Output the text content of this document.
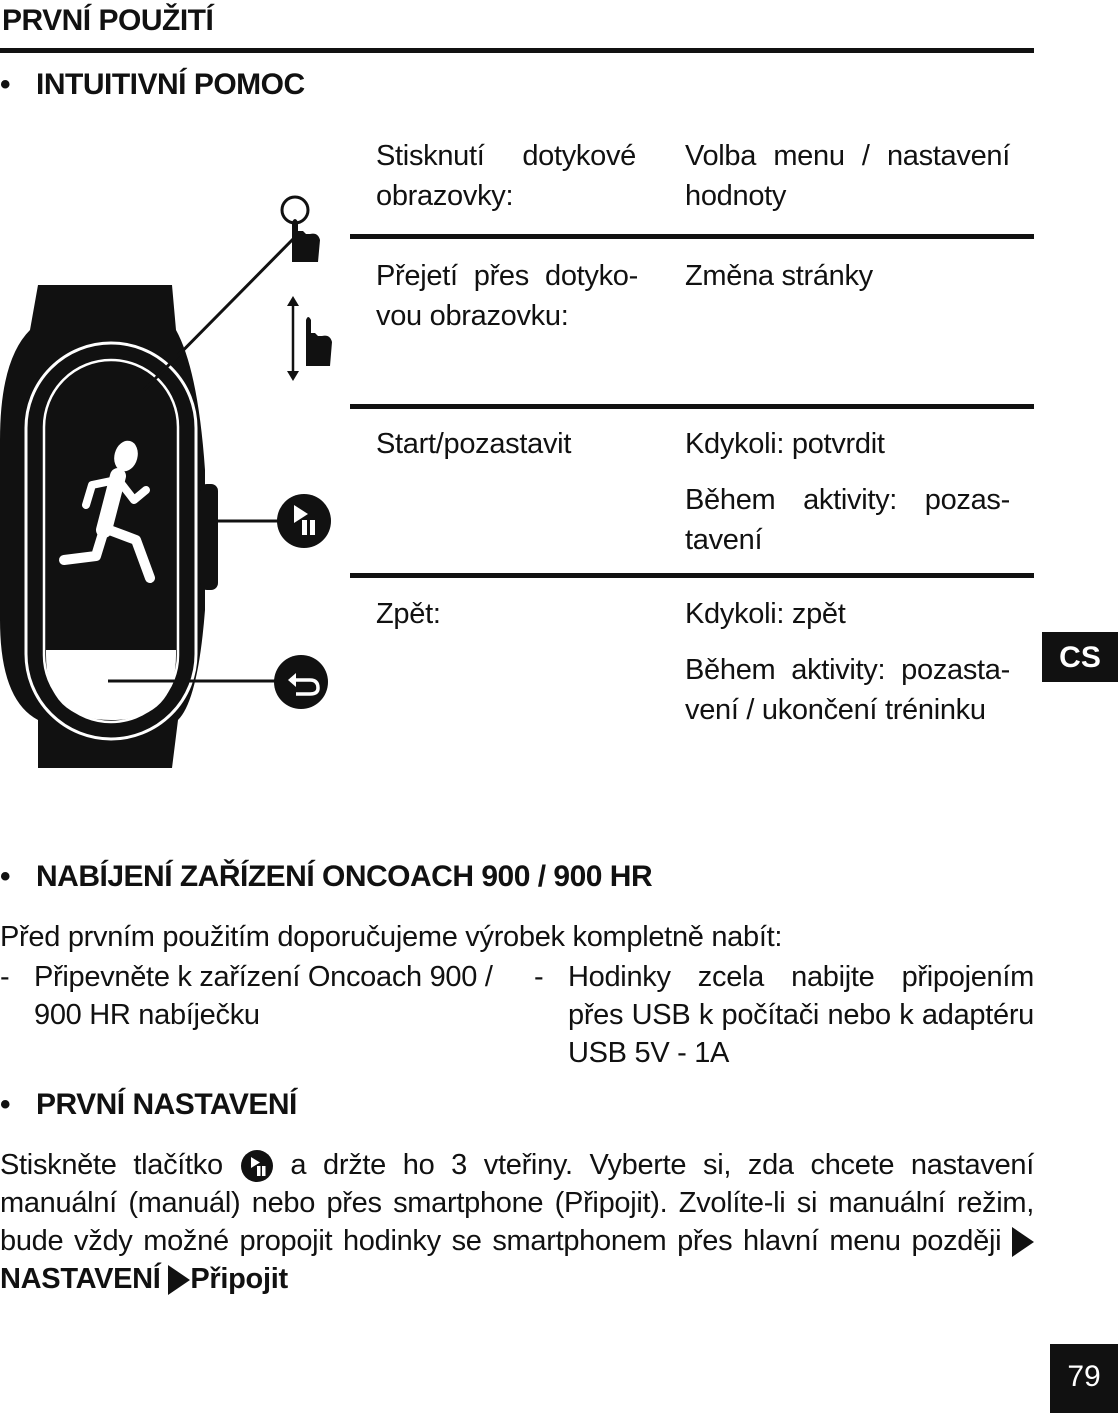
PRVNÍ POUŽITÍ
• INTUITIVNÍ POMOC
Stisknutí dotykové obrazovky:
Volba menu / nastavení hodnoty
Přejetí přes dotyko-vou obrazovku:
Změna stránky
Start/pozastavit	Kdykoli: potvrdit
Během aktivity: pozas-tavení
Zpět:	Kdykoli: zpět
Během aktivity: pozasta-vení / ukončení tréninku
CS
• NABÍJENÍ ZAŘÍZENÍ ONCOACH 900 / 900 HR
Před prvním použitím doporučujeme výrobek kompletně nabít:
- Připevněte k zařízení Oncoach 900 / 900 HR nabíječku
- Hodinky zcela nabijte připojením přes USB k počítači nebo k adaptéru USB 5V - 1A
• PRVNÍ NASTAVENÍ
Stiskněte tlačítko a držte ho 3 vteřiny. Vyberte si, zda chcete nastavení manuální (manuál) nebo přes smartphone (Připojit). Zvolíte-li si manuální režim, bude vždy možné propojit hodinky se smartphonem přes hlavní menu později  NASTAVENÍ Připojit
79
